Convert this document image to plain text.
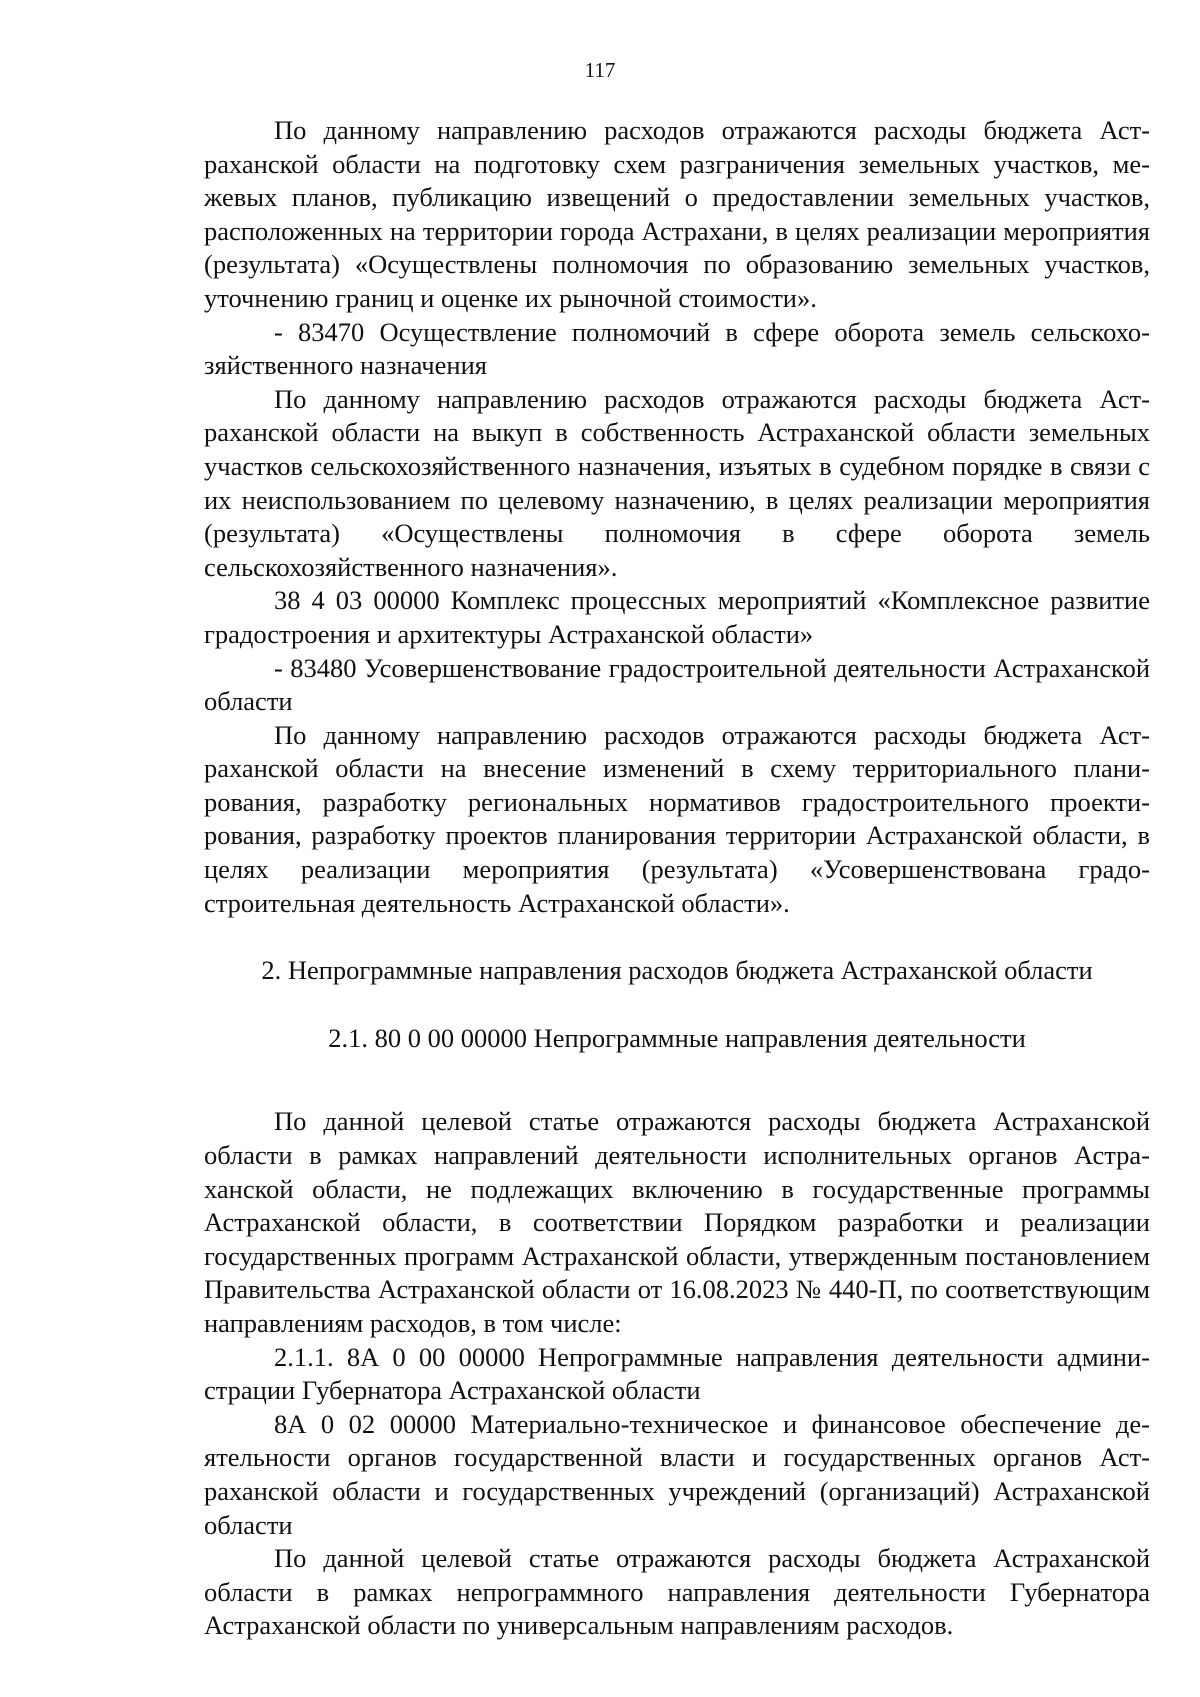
117

По данному направлению расходов отражаются расходы бюджета Астраханской области на подготовку схем разграничения земельных участков, межевых планов, публикацию извещений о предоставлении земельных участков, расположенных на территории города Астрахани, в целях реализации мероприятия (результата) «Осуществлены полномочия по образованию земельных участков, уточнению границ и оценке их рыночной стоимости».

- 83470 Осуществление полномочий в сфере оборота земель сельскохозяйственного назначения

По данному направлению расходов отражаются расходы бюджета Астраханской области на выкуп в собственность Астраханской области земельных участков сельскохозяйственного назначения, изъятых в судебном порядке в связи с их неиспользованием по целевому назначению, в целях реализации мероприятия (результата) «Осуществлены полномочия в сфере оборота земель сельскохозяйственного назначения».

38 4 03 00000 Комплекс процессных мероприятий «Комплексное развитие градостроения и архитектуры Астраханской области»

- 83480 Усовершенствование градостроительной деятельности Астраханской области

По данному направлению расходов отражаются расходы бюджета Астраханской области на внесение изменений в схему территориального планирования, разработку региональных нормативов градостроительного проектирования, разработку проектов планирования территории Астраханской области, в целях реализации мероприятия (результата) «Усовершенствована градостроительная деятельность Астраханской области».

2. Непрограммные направления расходов бюджета Астраханской области

2.1. 80 0 00 00000 Непрограммные направления деятельности

По данной целевой статье отражаются расходы бюджета Астраханской области в рамках направлений деятельности исполнительных органов Астраханской области, не подлежащих включению в государственные программы Астраханской области, в соответствии Порядком разработки и реализации государственных программ Астраханской области, утвержденным постановлением Правительства Астраханской области от 16.08.2023 № 440-П, по соответствующим направлениям расходов, в том числе:

2.1.1. 8А 0 00 00000 Непрограммные направления деятельности администрации Губернатора Астраханской области

8А 0 02 00000 Материально-техническое и финансовое обеспечение деятельности органов государственной власти и государственных органов Астраханской области и государственных учреждений (организаций) Астраханской области

По данной целевой статье отражаются расходы бюджета Астраханской области в рамках непрограммного направления деятельности Губернатора Астраханской области по универсальным направлениям расходов.
